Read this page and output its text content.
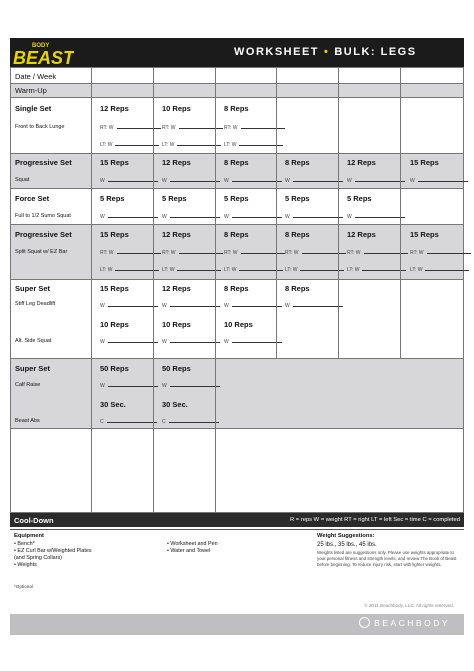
BODY
BEAST	WORKSHEET • BULK: LEGS
Date / Week
Warm-Up
Single Set
Front to Back Lunge
12 Reps
RT: W
LT: W
10 Reps
RT: W
LT: W
8 Reps
RT: W
LT: W
Progressive Set
Squat
15 Reps
W
12 Reps
W
8 Reps
W
8 Reps
W
12 Reps
W
15 Reps
W
Force Set
Full to 1/2 Sumo Squat
5 Reps
W
5 Reps
W
5 Reps
W
5 Reps
W
5 Reps
W
Progressive Set
Split Squat w/ EZ Bar
15 Reps
RT: W
LT: W
12 Reps
RT: W
LT: W
8 Reps
RT: W
LT: W
8 Reps
RT: W
LT: W
12 Reps
RT: W
LT: W
15 Reps
RT: W
LT: W
Super Set
Stiff Leg Deadlift
Alt. Side Squat
15 Reps
W
10 Reps
W
12 Reps
W
10 Reps
W
8 Reps
W
10 Reps
W
8 Reps
W
Super Set
Calf Raise
Beast Abs
50 Reps
W
30 Sec.
C
50 Reps
W
30 Sec.
C
Cool-Down	R = reps W = weight RT = right LT = left Sec = time C = completed
Equipment
• Bench*
• EZ Curl Bar w/Weighted Plates
(and Spring Collars)
• Weights
• Worksheet and Pen
• Water and Towel
*Optional
Weight Suggestions:
25 lbs., 35 lbs., 45 lbs.
Weights listed are suggestions only. Please use weights appropriate to your personal fitness and strength levels, and review The Book of Beast before beginning. To reduce injury risk, start with lighter weights.
© 2011 Beachbody, LLC. All rights reserved.
BEACHBODY
